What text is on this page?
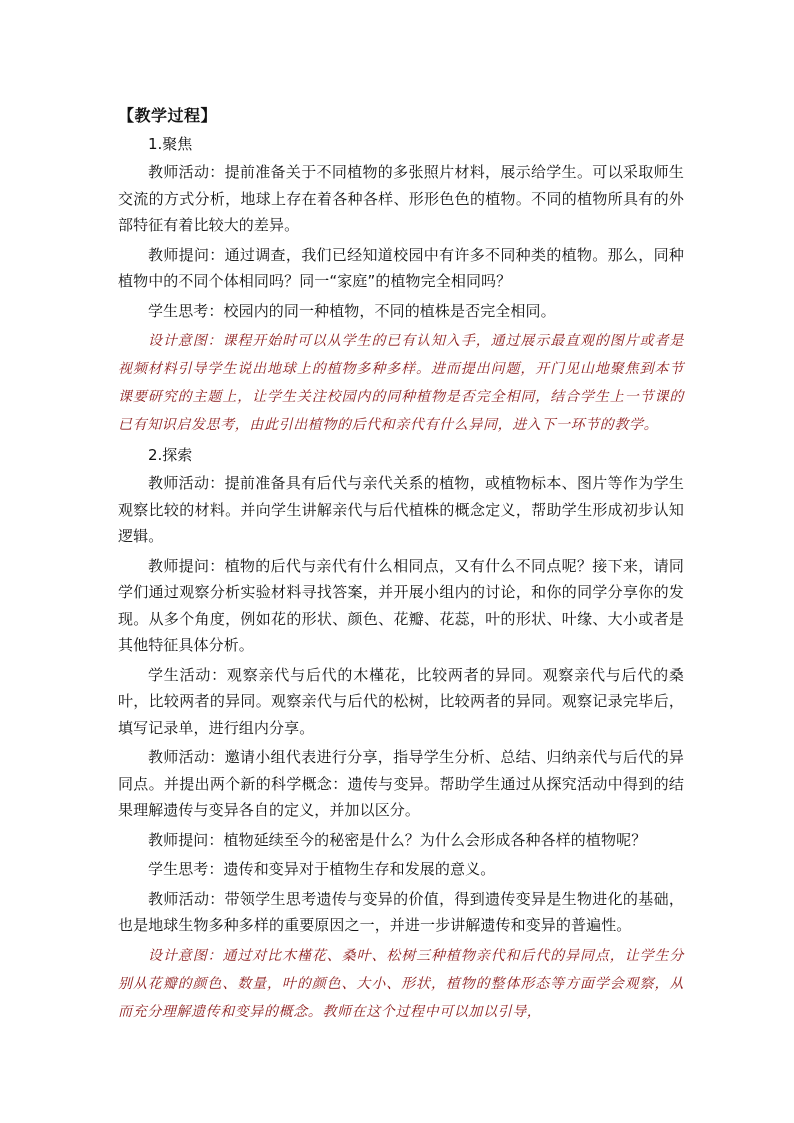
【教学过程】
1.聚焦

教师活动：提前准备关于不同植物的多张照片材料，展示给学生。可以采取师生交流的方式分析，地球上存在着各种各样、形形色色的植物。不同的植物所具有的外部特征有着比较大的差异。

教师提问：通过调查，我们已经知道校园中有许多不同种类的植物。那么，同种植物中的不同个体相同吗？同一“家庭”的植物完全相同吗？

学生思考：校园内的同一种植物，不同的植株是否完全相同。

设计意图：课程开始时可以从学生的已有认知入手，通过展示最直观的图片或者是视频材料引导学生说出地球上的植物多种多样。进而提出问题，开门见山地聚焦到本节课要研究的主题上，让学生关注校园内的同种植物是否完全相同，结合学生上一节课的已有知识启发思考，由此引出植物的后代和亲代有什么异同，进入下一环节的教学。

2.探索

教师活动：提前准备具有后代与亲代关系的植物，或植物标本、图片等作为学生观察比较的材料。并向学生讲解亲代与后代植株的概念定义，帮助学生形成初步认知逻辑。

教师提问：植物的后代与亲代有什么相同点，又有什么不同点呢？接下来，请同学们通过观察分析实验材料寻找答案，并开展小组内的讨论，和你的同学分享你的发现。从多个角度，例如花的形状、颜色、花瓣、花蕊，叶的形状、叶缘、大小或者是其他特征具体分析。

学生活动：观察亲代与后代的木槿花，比较两者的异同。观察亲代与后代的桑叶，比较两者的异同。观察亲代与后代的松树，比较两者的异同。观察记录完毕后，填写记录单，进行组内分享。

教师活动：邀请小组代表进行分享，指导学生分析、总结、归纳亲代与后代的异同点。并提出两个新的科学概念：遗传与变异。帮助学生通过从探究活动中得到的结果理解遗传与变异各自的定义，并加以区分。

教师提问：植物延续至今的秘密是什么？为什么会形成各种各样的植物呢？

学生思考：遗传和变异对于植物生存和发展的意义。

教师活动：带领学生思考遗传与变异的价值，得到遗传变异是生物进化的基础，也是地球生物多种多样的重要原因之一，并进一步讲解遗传和变异的普遍性。

设计意图：通过对比木槿花、桑叶、松树三种植物亲代和后代的异同点，让学生分别从花瓣的颜色、数量，叶的颜色、大小、形状，植物的整体形态等方面学会观察，从而充分理解遗传和变异的概念。教师在这个过程中可以加以引导，
